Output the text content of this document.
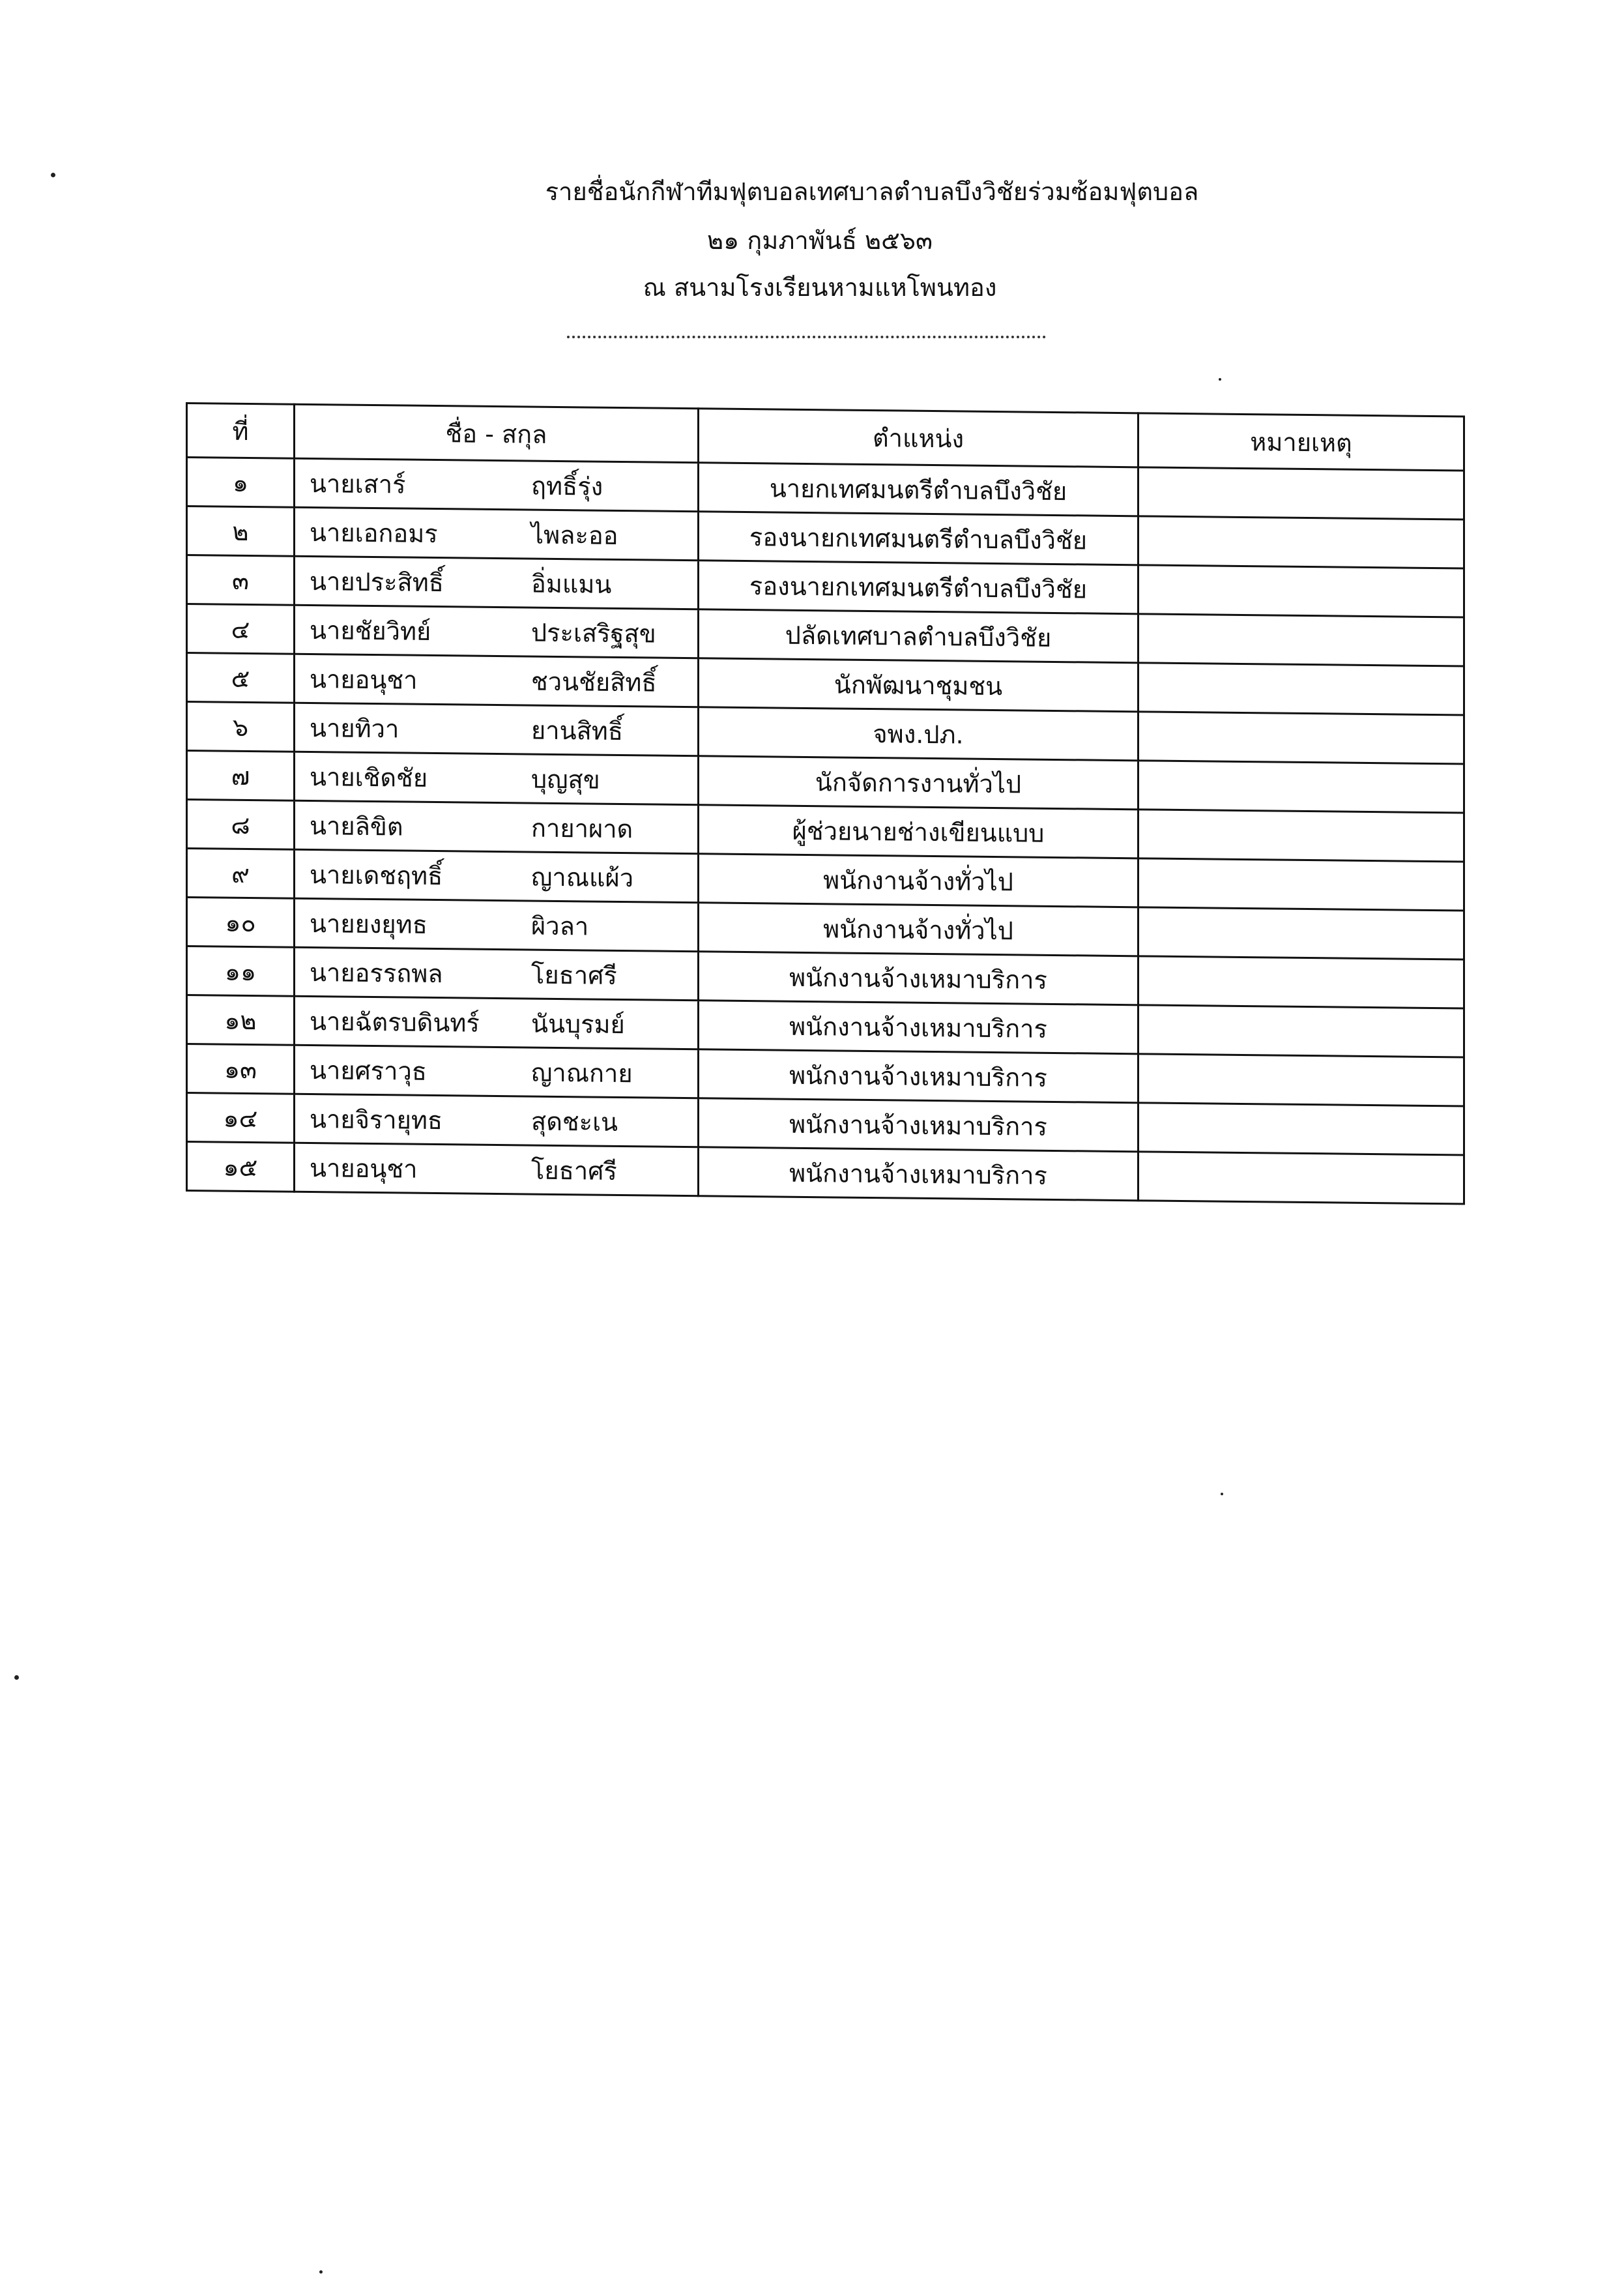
รายชื่อนักกีฬาทีมฟุตบอลเทศบาลตำบลบึงวิชัยร่วมซ้อมฟุตบอล
๒๑ กุมภาพันธ์ ๒๕๖๓
ณ สนามโรงเรียนหามแหโพนทอง
ที่	ชื่อ - สกุล	ตำแหน่ง	หมายเหตุ
๑	นายเสาร์ ฤทธิ์รุ่ง	นายกเทศมนตรีตำบลบึงวิชัย	
๒	นายเอกอมร ไพละออ	รองนายกเทศมนตรีตำบลบึงวิชัย	
๓	นายประสิทธิ์ อิ่มแมน	รองนายกเทศมนตรีตำบลบึงวิชัย	
๔	นายชัยวิทย์ ประเสริฐสุข	ปลัดเทศบาลตำบลบึงวิชัย	
๕	นายอนุชา ชวนชัยสิทธิ์	นักพัฒนาชุมชน	
๖	นายทิวา ยานสิทธิ์	จพง.ปภ.	
๗	นายเชิดชัย บุญสุข	นักจัดการงานทั่วไป	
๘	นายลิขิต กายาผาด	ผู้ช่วยนายช่างเขียนแบบ	
๙	นายเดชฤทธิ์ ญาณแผ้ว	พนักงานจ้างทั่วไป	
๑๐	นายยงยุทธ ผิวลา	พนักงานจ้างทั่วไป	
๑๑	นายอรรถพล โยธาศรี	พนักงานจ้างเหมาบริการ	
๑๒	นายฉัตรบดินทร์ นันบุรมย์	พนักงานจ้างเหมาบริการ	
๑๓	นายศราวุธ ญาณกาย	พนักงานจ้างเหมาบริการ	
๑๔	นายจิรายุทธ สุดชะเน	พนักงานจ้างเหมาบริการ	
๑๕	นายอนุชา โยธาศรี	พนักงานจ้างเหมาบริการ	
